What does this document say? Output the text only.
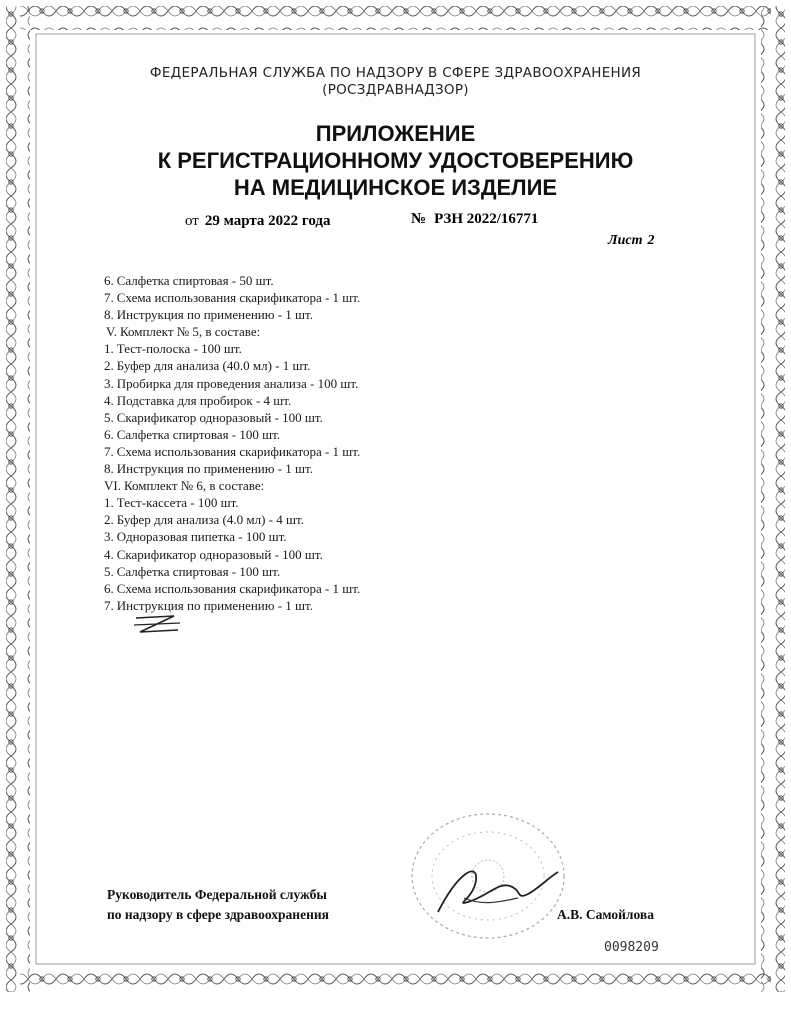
ФЕДЕРАЛЬНАЯ СЛУЖБА ПО НАДЗОРУ В СФЕРЕ ЗДРАВООХРАНЕНИЯ
(РОСЗДРАВНАДЗОР)
ПРИЛОЖЕНИЕ
К РЕГИСТРАЦИОННОМУ УДОСТОВЕРЕНИЮ
НА МЕДИЦИНСКОЕ ИЗДЕЛИЕ
от 29 марта 2022 года	№ РЗН 2022/16771
Лист 2
6. Салфетка спиртовая - 50 шт.
7. Схема использования скарификатора - 1 шт.
8. Инструкция по применению - 1 шт.
V. Комплект № 5, в составе:
1. Тест-полоска - 100 шт.
2. Буфер для анализа (40.0 мл) - 1 шт.
3. Пробирка для проведения анализа - 100 шт.
4. Подставка для пробирок - 4 шт.
5. Скарификатор одноразовый - 100 шт.
6. Салфетка спиртовая - 100 шт.
7. Схема использования скарификатора - 1 шт.
8. Инструкция по применению - 1 шт.
VI. Комплект № 6, в составе:
1. Тест-кассета - 100 шт.
2. Буфер для анализа (4.0 мл) - 4 шт.
3. Одноразовая пипетка - 100 шт.
4. Скарификатор одноразовый - 100 шт.
5. Салфетка спиртовая - 100 шт.
6. Схема использования скарификатора - 1 шт.
7. Инструкция по применению - 1 шт.
Руководитель Федеральной службы
по надзору в сфере здравоохранения	А.В. Самойлова
0098209
